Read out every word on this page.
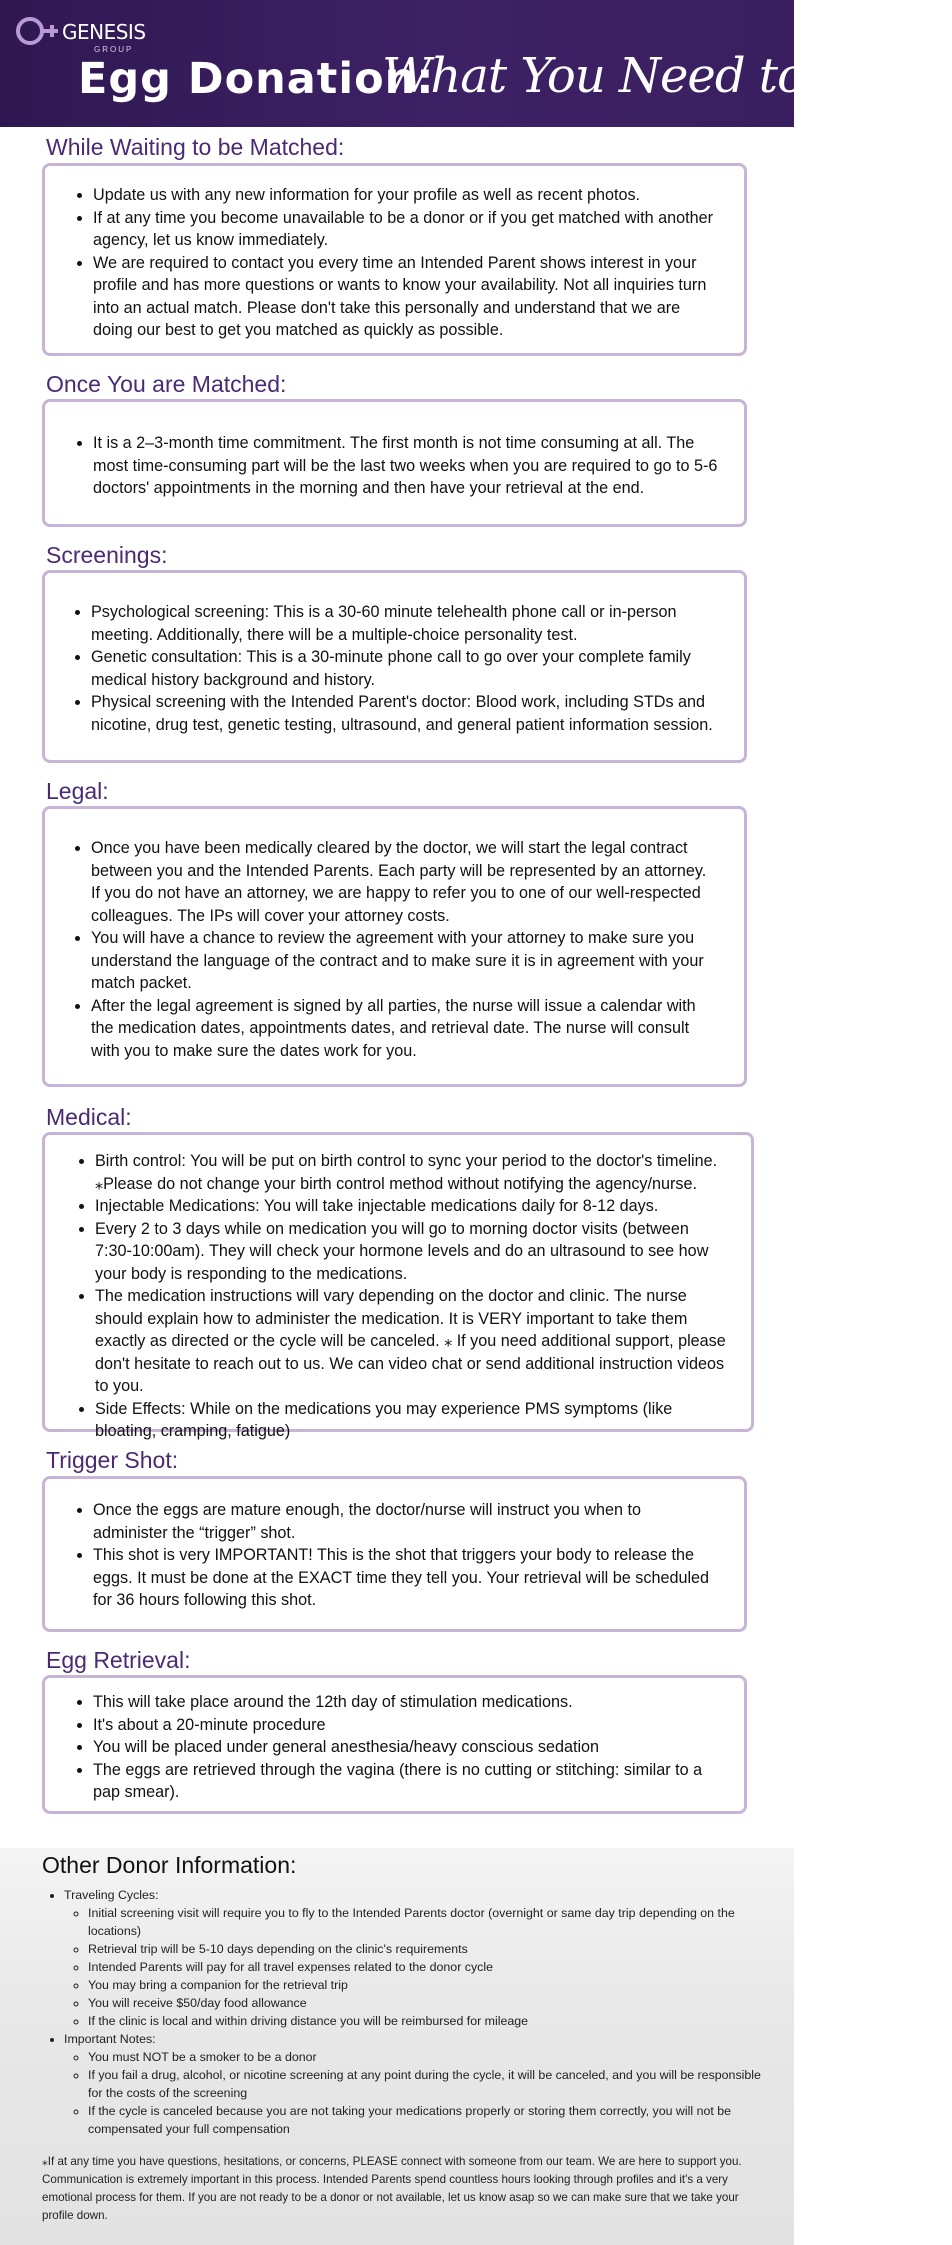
GENESIS
GROUP
Egg Donation:
What You Need to Know
While Waiting to be Matched:
• Update us with any new information for your profile as well as recent photos.
• If at any time you become unavailable to be a donor or if you get matched with another agency, let us know immediately.
• We are required to contact you every time an Intended Parent shows interest in your profile and has more questions or wants to know your availability. Not all inquiries turn into an actual match. Please don't take this personally and understand that we are doing our best to get you matched as quickly as possible.
Once You are Matched:
• It is a 2–3-month time commitment. The first month is not time consuming at all. The most time-consuming part will be the last two weeks when you are required to go to 5-6 doctors' appointments in the morning and then have your retrieval at the end.
Screenings:
• Psychological screening: This is a 30-60 minute telehealth phone call or in-person meeting. Additionally, there will be a multiple-choice personality test.
• Genetic consultation: This is a 30-minute phone call to go over your complete family medical history background and history.
• Physical screening with the Intended Parent's doctor: Blood work, including STDs and nicotine, drug test, genetic testing, ultrasound, and general patient information session.
Legal:
• Once you have been medically cleared by the doctor, we will start the legal contract between you and the Intended Parents. Each party will be represented by an attorney. If you do not have an attorney, we are happy to refer you to one of our well-respected colleagues. The IPs will cover your attorney costs.
• You will have a chance to review the agreement with your attorney to make sure you understand the language of the contract and to make sure it is in agreement with your match packet.
• After the legal agreement is signed by all parties, the nurse will issue a calendar with the medication dates, appointments dates, and retrieval date. The nurse will consult with you to make sure the dates work for you.
Medical:
• Birth control: You will be put on birth control to sync your period to the doctor's timeline. ⁎Please do not change your birth control method without notifying the agency/nurse.
• Injectable Medications: You will take injectable medications daily for 8-12 days.
• Every 2 to 3 days while on medication you will go to morning doctor visits (between 7:30-10:00am). They will check your hormone levels and do an ultrasound to see how your body is responding to the medications.
• The medication instructions will vary depending on the doctor and clinic. The nurse should explain how to administer the medication. It is VERY important to take them exactly as directed or the cycle will be canceled. ⁎ If you need additional support, please don't hesitate to reach out to us. We can video chat or send additional instruction videos to you.
• Side Effects: While on the medications you may experience PMS symptoms (like bloating, cramping, fatigue)
Trigger Shot:
• Once the eggs are mature enough, the doctor/nurse will instruct you when to administer the “trigger” shot.
• This shot is very IMPORTANT! This is the shot that triggers your body to release the eggs. It must be done at the EXACT time they tell you. Your retrieval will be scheduled for 36 hours following this shot.
Egg Retrieval:
• This will take place around the 12th day of stimulation medications.
• It's about a 20-minute procedure
• You will be placed under general anesthesia/heavy conscious sedation
• The eggs are retrieved through the vagina (there is no cutting or stitching: similar to a pap smear).
Other Donor Information:
• Traveling Cycles:
◦ Initial screening visit will require you to fly to the Intended Parents doctor (overnight or same day trip depending on the locations)
◦ Retrieval trip will be 5-10 days depending on the clinic's requirements
◦ Intended Parents will pay for all travel expenses related to the donor cycle
◦ You may bring a companion for the retrieval trip
◦ You will receive $50/day food allowance
◦ If the clinic is local and within driving distance you will be reimbursed for mileage
• Important Notes:
◦ You must NOT be a smoker to be a donor
◦ If you fail a drug, alcohol, or nicotine screening at any point during the cycle, it will be canceled, and you will be responsible for the costs of the screening
◦ If the cycle is canceled because you are not taking your medications properly or storing them correctly, you will not be compensated your full compensation

⁎If at any time you have questions, hesitations, or concerns, PLEASE connect with someone from our team. We are here to support you. Communication is extremely important in this process. Intended Parents spend countless hours looking through profiles and it's a very emotional process for them. If you are not ready to be a donor or not available, let us know asap so we can make sure that we take your profile down.
